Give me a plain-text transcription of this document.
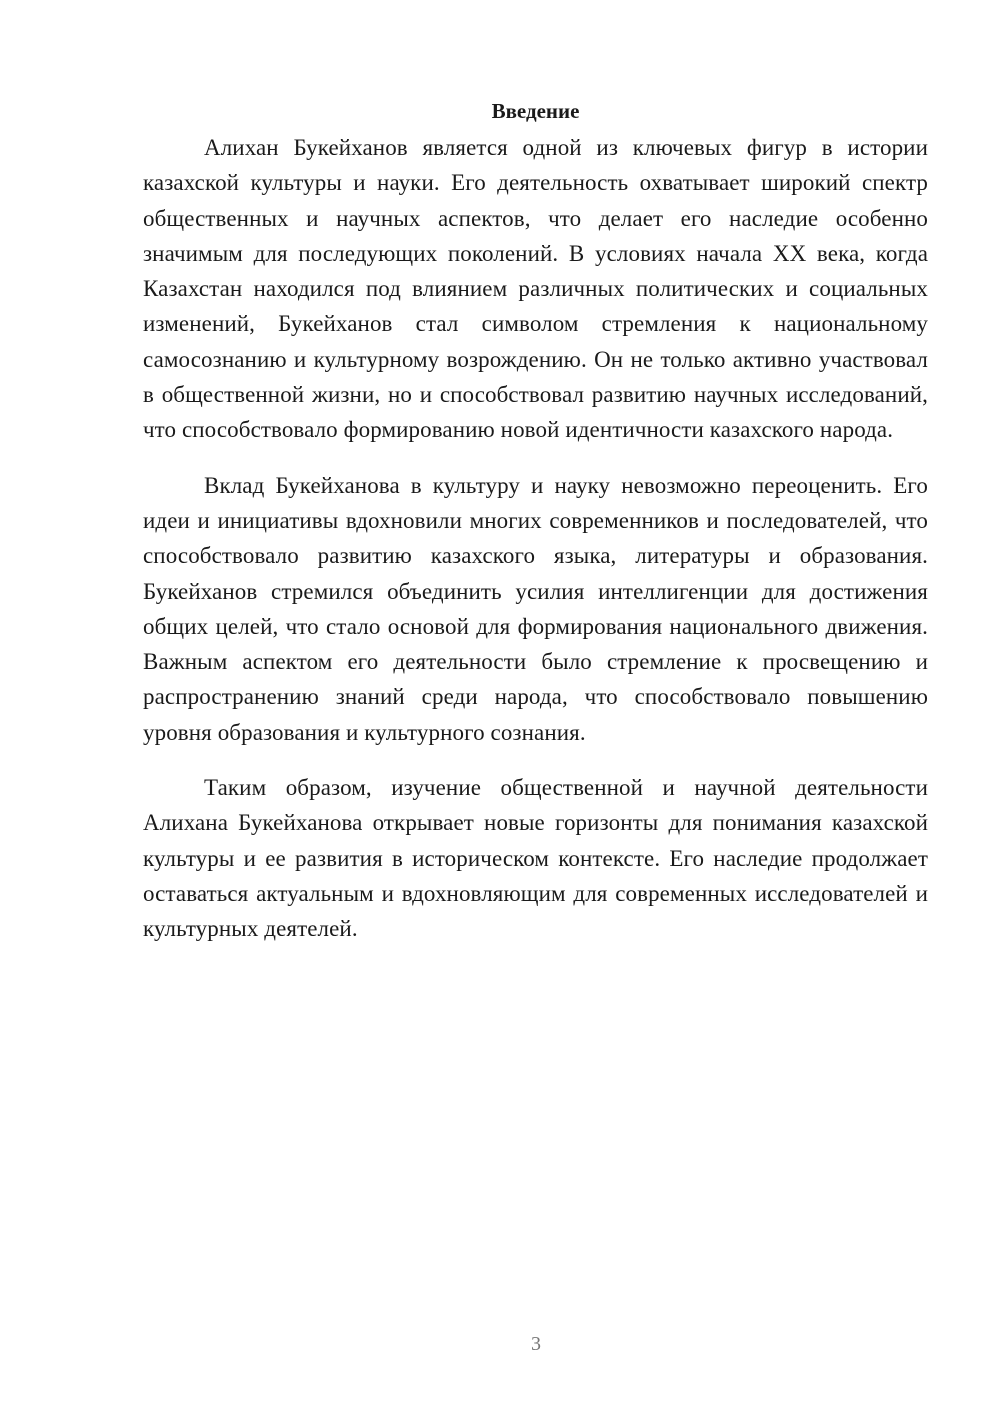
Введение

Алихан Букейханов является одной из ключевых фигур в истории казахской культуры и науки. Его деятельность охватывает широкий спектр общественных и научных аспектов, что делает его наследие особенно значимым для последующих поколений. В условиях начала XX века, когда Казахстан находился под влиянием различных политических и социальных изменений, Букейханов стал символом стремления к национальному самосознанию и культурному возрождению. Он не только активно участвовал в общественной жизни, но и способствовал развитию научных исследований, что способствовало формированию новой идентичности казахского народа.

Вклад Букейханова в культуру и науку невозможно переоценить. Его идеи и инициативы вдохновили многих современников и последователей, что способствовало развитию казахского языка, литературы и образования. Букейханов стремился объединить усилия интеллигенции для достижения общих целей, что стало основой для формирования национального движения. Важным аспектом его деятельности было стремление к просвещению и распространению знаний среди народа, что способствовало повышению уровня образования и культурного сознания.

Таким образом, изучение общественной и научной деятельности Алихана Букейханова открывает новые горизонты для понимания казахской культуры и ее развития в историческом контексте. Его наследие продолжает оставаться актуальным и вдохновляющим для современных исследователей и культурных деятелей.

3
